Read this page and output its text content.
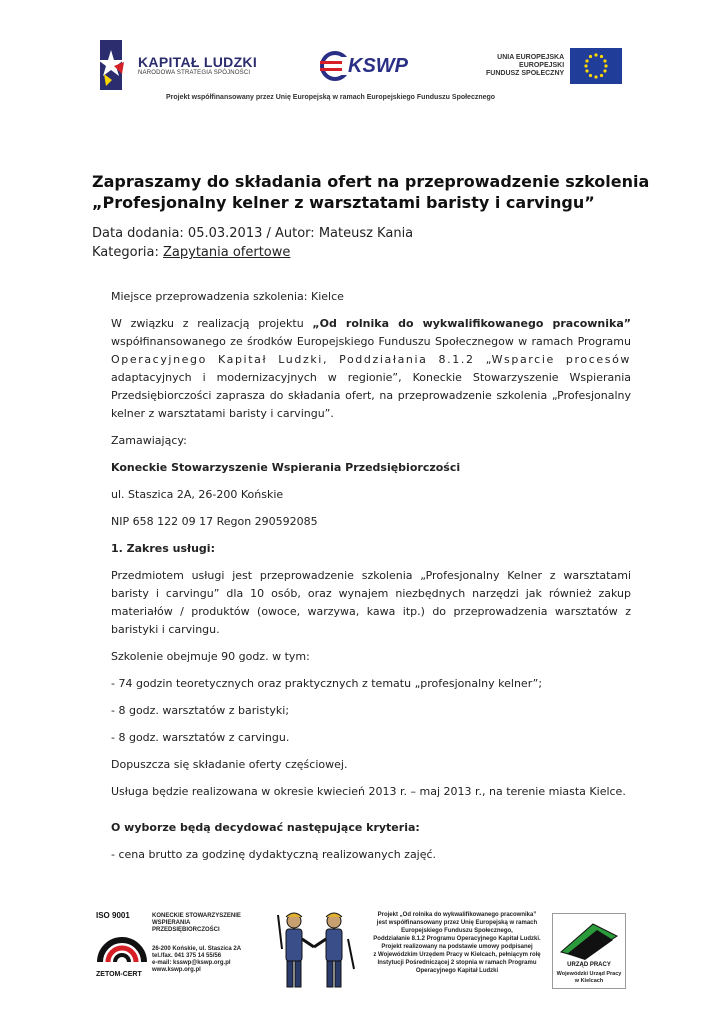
KAPITAŁ LUDZKI
NARODOWA STRATEGIA SPÓJNOŚCI	KSWP	UNIA EUROPEJSKA
EUROPEJSKI
FUNDUSZ SPOŁECZNY
Projekt współfinansowany przez Unię Europejską w ramach Europejskiego Funduszu Społecznego
Zapraszamy do składania ofert na przeprowadzenie szkolenia
„Profesjonalny kelner z warsztatami baristy i carvingu”
Data dodania: 05.03.2013 / Autor: Mateusz Kania
Kategoria: Zapytania ofertowe

Miejsce przeprowadzenia szkolenia: Kielce

W związku z realizacją projektu „Od rolnika do wykwalifikowanego pracownika” współfinansowanego ze środków Europejskiego Funduszu Społecznegow w ramach Programu Operacyjnego Kapitał Ludzki, Poddziałania 8.1.2 „Wsparcie procesów adaptacyjnych i modernizacyjnych w regionie”, Koneckie Stowarzyszenie Wspierania Przedsiębiorczości zaprasza do składania ofert, na przeprowadzenie szkolenia „Profesjonalny kelner z warsztatami baristy i carvingu”.

Zamawiający:

Koneckie Stowarzyszenie Wspierania Przedsiębiorczości

ul. Staszica 2A, 26-200 Końskie

NIP 658 122 09 17 Regon 290592085

1. Zakres usługi:

Przedmiotem usługi jest przeprowadzenie szkolenia „Profesjonalny Kelner z warsztatami baristy i carvingu” dla 10 osób, oraz wynajem niezbędnych narzędzi jak również zakup materiałów / produktów (owoce, warzywa, kawa itp.) do przeprowadzenia warsztatów z baristyki i carvingu.

Szkolenie obejmuje 90 godz. w tym:

- 74 godzin teoretycznych oraz praktycznych z tematu „profesjonalny kelner”;

- 8 godz. warsztatów z baristyki;

- 8 godz. warsztatów z carvingu.

Dopuszcza się składanie oferty częściowej.

Usługa będzie realizowana w okresie kwiecień 2013 r. – maj 2013 r., na terenie miasta Kielce.

O wyborze będą decydować następujące kryteria:

- cena brutto za godzinę dydaktyczną realizowanych zajęć.

ISO 9001
ZETOM-CERT
KONECKIE STOWARZYSZENIE
WSPIERANIA
PRZEDSIĘBIORCZOŚCI
26-200 Końskie, ul. Staszica 2A
tel./fax. 041 375 14 55/56
e-mail: ksswp@kswp.org.pl
www.kswp.org.pl
Projekt „Od rolnika do wykwalifikowanego pracownika”
jest współfinansowany przez Unię Europejską w ramach
Europejskiego Funduszu Społecznego,
Poddziałanie 8.1.2 Programu Operacyjnego Kapitał Ludzki.
Projekt realizowany na podstawie umowy podpisanej
z Wojewódzkim Urzędem Pracy w Kielcach, pełniącym rolę
Instytucji Pośredniczącej 2 stopnia w ramach Programu
Operacyjnego Kapitał Ludzki
URZĄD PRACY
Wojewódzki Urząd Pracy
w Kielcach
